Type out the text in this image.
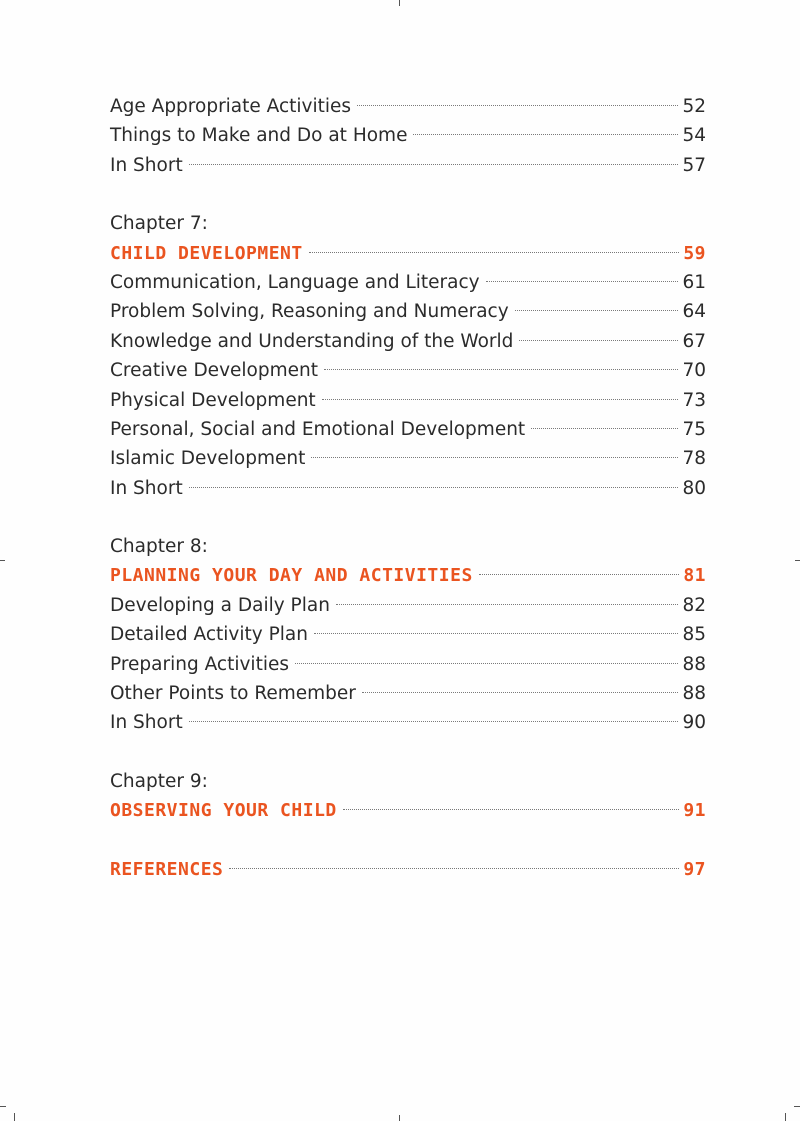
Age Appropriate Activities	52
Things to Make and Do at Home	54
In Short	57
Chapter 7:
CHILD DEVELOPMENT	59
Communication, Language and Literacy	61
Problem Solving, Reasoning and Numeracy	64
Knowledge and Understanding of the World	67
Creative Development	70
Physical Development	73
Personal, Social and Emotional Development	75
Islamic Development	78
In Short	80
Chapter 8:
PLANNING YOUR DAY AND ACTIVITIES	81
Developing a Daily Plan	82
Detailed Activity Plan	85
Preparing Activities	88
Other Points to Remember	88
In Short	90
Chapter 9:
OBSERVING YOUR CHILD	91
REFERENCES	97
